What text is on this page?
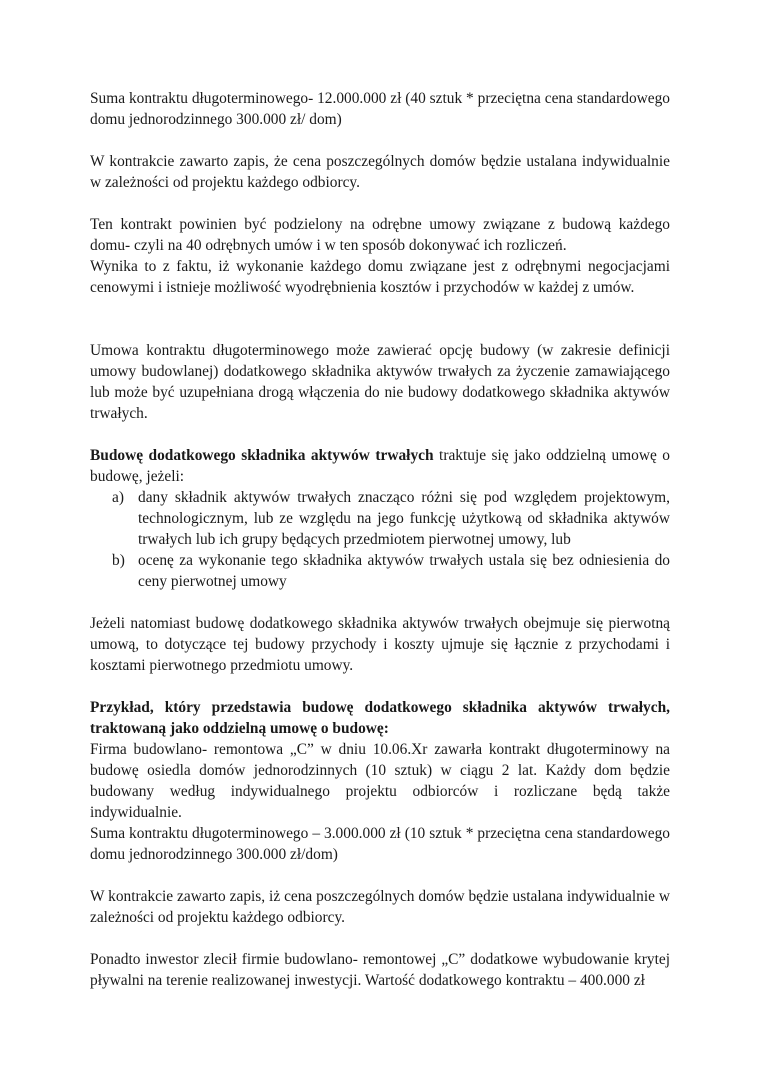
Suma kontraktu długoterminowego- 12.000.000 zł (40 sztuk * przeciętna cena standardowego domu jednorodzinnego 300.000 zł/ dom)

W kontrakcie zawarto zapis, że cena poszczególnych domów będzie ustalana indywidualnie w zależności od projektu każdego odbiorcy.

Ten kontrakt powinien być podzielony na odrębne umowy związane z budową każdego domu- czyli na 40 odrębnych umów i w ten sposób dokonywać ich rozliczeń.

Wynika to z faktu, iż wykonanie każdego domu związane jest z odrębnymi negocjacjami cenowymi i istnieje możliwość wyodrębnienia kosztów i przychodów w każdej z umów.

Umowa kontraktu długoterminowego może zawierać opcję budowy (w zakresie definicji umowy budowlanej) dodatkowego składnika aktywów trwałych za życzenie zamawiającego lub może być uzupełniana drogą włączenia do nie budowy dodatkowego składnika aktywów trwałych.

Budowę dodatkowego składnika aktywów trwałych traktuje się jako oddzielną umowę o budowę, jeżeli:

a) dany składnik aktywów trwałych znacząco różni się pod względem projektowym, technologicznym, lub ze względu na jego funkcję użytkową od składnika aktywów trwałych lub ich grupy będących przedmiotem pierwotnej umowy, lub
b) ocenę za wykonanie tego składnika aktywów trwałych ustala się bez odniesienia do ceny pierwotnej umowy

Jeżeli natomiast budowę dodatkowego składnika aktywów trwałych obejmuje się pierwotną umową, to dotyczące tej budowy przychody i koszty ujmuje się łącznie z przychodami i kosztami pierwotnego przedmiotu umowy.

Przykład, który przedstawia budowę dodatkowego składnika aktywów trwałych, traktowaną jako oddzielną umowę o budowę:
Firma budowlano- remontowa „C” w dniu 10.06.Xr zawarła kontrakt długoterminowy na budowę osiedla domów jednorodzinnych (10 sztuk) w ciągu 2 lat. Każdy dom będzie budowany według indywidualnego projektu odbiorców i rozliczane będą także indywidualnie.
Suma kontraktu długoterminowego – 3.000.000 zł (10 sztuk * przeciętna cena standardowego domu jednorodzinnego 300.000 zł/dom)

W kontrakcie zawarto zapis, iż cena poszczególnych domów będzie ustalana indywidualnie w zależności od projektu każdego odbiorcy.

Ponadto inwestor zlecił firmie budowlano- remontowej „C” dodatkowe wybudowanie krytej pływalni na terenie realizowanej inwestycji. Wartość dodatkowego kontraktu – 400.000 zł
